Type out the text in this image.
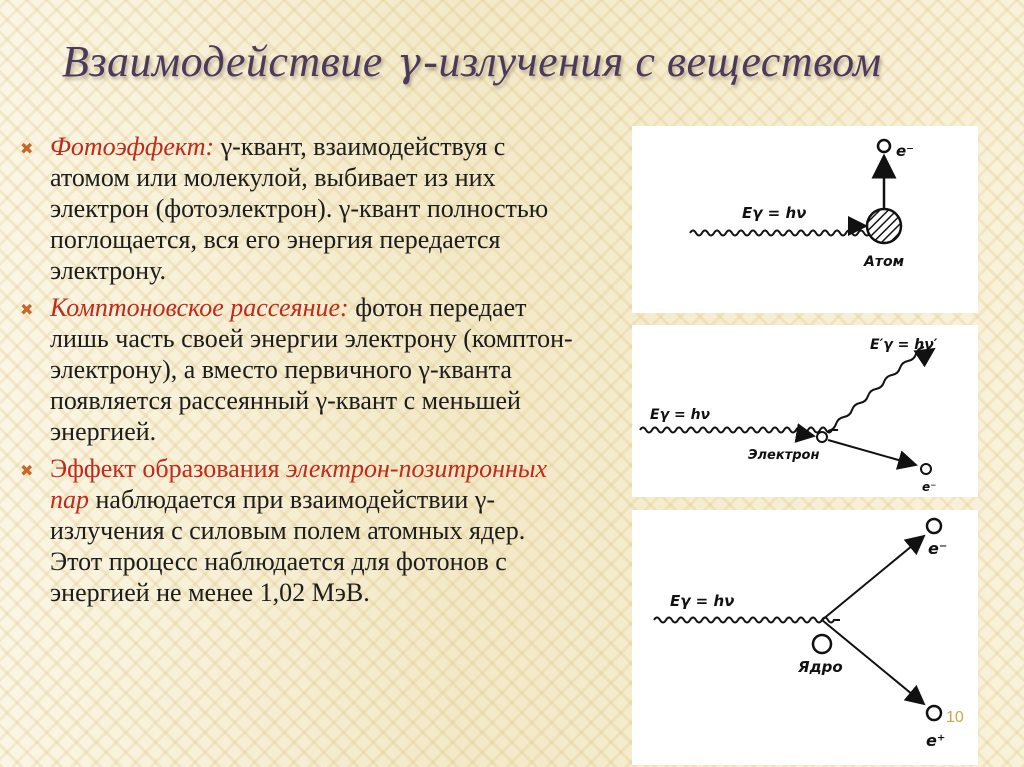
Взаимодействие γ-излучения с веществом
✖ Фотоэффект: γ-квант, взаимодействуя с атомом или молекулой, выбивает из них электрон (фотоэлектрон). γ-квант полностью поглощается, вся его энергия передается электрону.
✖ Комптоновское рассеяние: фотон передает лишь часть своей энергии электрону (комптон-электрону), а вместо первичного γ-кванта появляется рассеянный γ-квант с меньшей энергией.
✖ Эффект образования электрон-позитронных пар наблюдается при взаимодействии γ-излучения с силовым полем атомных ядер. Этот процесс наблюдается для фотонов с энергией не менее 1,02 МэВ.
Eγ = hν
e⁻
Атом
Eγ = hν
E′γ = hν′
Электрон
e⁻
Eγ = hν
e⁻
e⁺
Ядро
10
